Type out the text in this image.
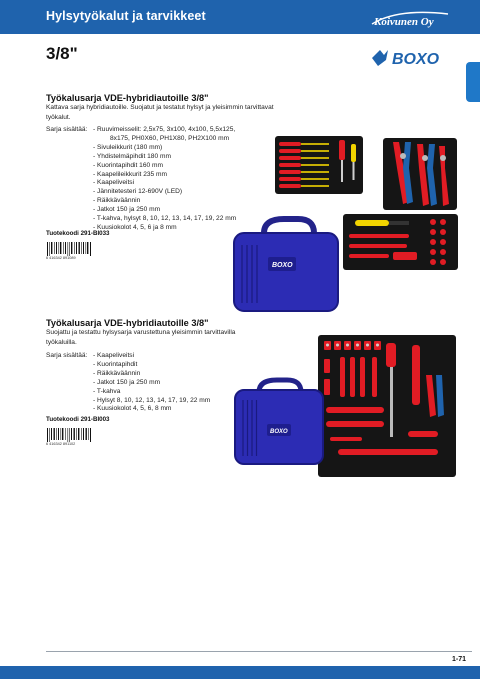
Hylsytyökalut ja tarvikkeet	Koivunen Oy
3/8"	BOXO
Työkalusarja VDE-hybridiautoille 3/8"
Kattava sarja hybridiautoille. Suojatut ja testatut hylsyt ja yleisimmin tarvittavat työkalut.
Sarja sisältää: - Ruuvimeisselit: 2,5x75, 3x100, 4x100, 5,5x125,
8x175, PH0X60, PH1X80, PH2X100 mm
- Sivuleikkurit (180 mm)
- Yhdistelmäpihdit 180 mm
- Kuorintapihdit 160 mm
- Kaapelileikkurit 235 mm
- Kaapeliveitsi
- Jännitetesteri 12-690V (LED)
- Räikkäväännin
- Jatkot 150 ja 250 mm
- T-kahva, hylsyt 8, 10, 12, 13, 14, 17, 19, 22 mm
- Kuusiokolot 4, 5, 6 ja 8 mm
Tuotekoodi 291-BI033
6 416342 891089
BOXO
Työkalusarja VDE-hybridiautoille 3/8"
Suojattu ja testattu hylsysarja varustettuna yleisimmin tarvittavilla työkaluilla.
Sarja sisältää: - Kaapeliveitsi
- Kuorintapihdit
- Räikkäväännin
- Jatkot 150 ja 250 mm
- T-kahva
- Hylsyt 8, 10, 12, 13, 14, 17, 19, 22 mm
- Kuusiokolot 4, 5, 6, 8 mm
Tuotekoodi 291-BI003
6 416342 891102
BOXO
1-71
